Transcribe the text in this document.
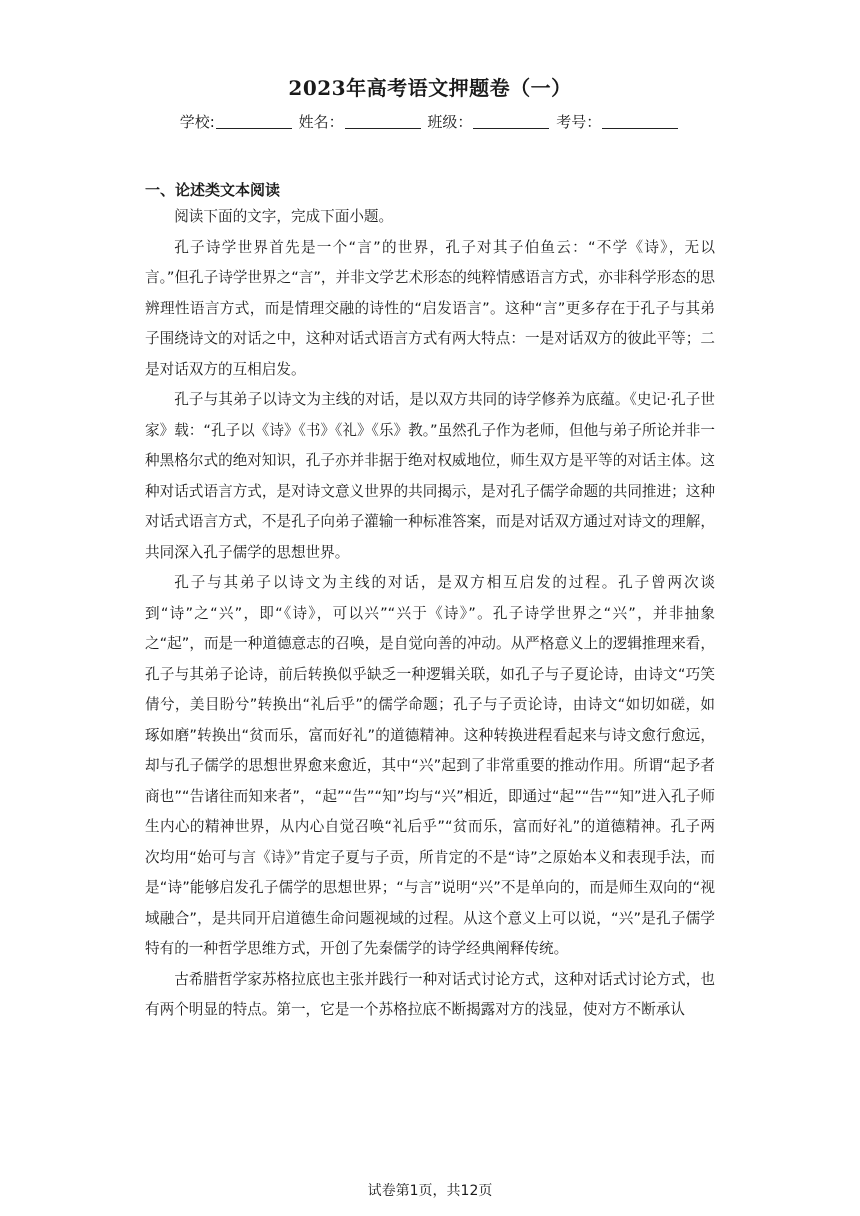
2023年高考语文押题卷（一）
学校:	姓名：	班级：	考号：
一、论述类文本阅读

阅读下面的文字，完成下面小题。

孔子诗学世界首先是一个“言”的世界，孔子对其子伯鱼云：“不学《诗》，无以言。”但孔子诗学世界之“言”，并非文学艺术形态的纯粹情感语言方式，亦非科学形态的思辨理性语言方式，而是情理交融的诗性的“启发语言”。这种“言”更多存在于孔子与其弟子围绕诗文的对话之中，这种对话式语言方式有两大特点：一是对话双方的彼此平等；二是对话双方的互相启发。

孔子与其弟子以诗文为主线的对话，是以双方共同的诗学修养为底蕴。《史记·孔子世家》载：“孔子以《诗》《书》《礼》《乐》教。”虽然孔子作为老师，但他与弟子所论并非一种黑格尔式的绝对知识，孔子亦并非据于绝对权威地位，师生双方是平等的对话主体。这种对话式语言方式，是对诗文意义世界的共同揭示，是对孔子儒学命题的共同推进；这种对话式语言方式，不是孔子向弟子灌输一种标准答案，而是对话双方通过对诗文的理解，共同深入孔子儒学的思想世界。

孔子与其弟子以诗文为主线的对话，是双方相互启发的过程。孔子曾两次谈到“诗”之“兴”，即“《诗》，可以兴”“兴于《诗》”。孔子诗学世界之“兴”，并非抽象之“起”，而是一种道德意志的召唤，是自觉向善的冲动。从严格意义上的逻辑推理来看，孔子与其弟子论诗，前后转换似乎缺乏一种逻辑关联，如孔子与子夏论诗，由诗文“巧笑倩兮，美目盼兮”转换出“礼后乎”的儒学命题；孔子与子贡论诗，由诗文“如切如磋，如琢如磨”转换出“贫而乐，富而好礼”的道德精神。这种转换进程看起来与诗文愈行愈远，却与孔子儒学的思想世界愈来愈近，其中“兴”起到了非常重要的推动作用。所谓“起予者商也”“告诸往而知来者”，“起”“告”“知”均与“兴”相近，即通过“起”“告”“知”进入孔子师生内心的精神世界，从内心自觉召唤“礼后乎”“贫而乐，富而好礼”的道德精神。孔子两次均用“始可与言《诗》”肯定子夏与子贡，所肯定的不是“诗”之原始本义和表现手法，而是“诗”能够启发孔子儒学的思想世界；“与言”说明“兴”不是单向的，而是师生双向的“视域融合”，是共同开启道德生命问题视域的过程。从这个意义上可以说，“兴”是孔子儒学特有的一种哲学思维方式，开创了先秦儒学的诗学经典阐释传统。

古希腊哲学家苏格拉底也主张并践行一种对话式讨论方式，这种对话式讨论方式，也有两个明显的特点。第一，它是一个苏格拉底不断揭露对方的浅显，使对方不断承认

试卷第1页，共12页
